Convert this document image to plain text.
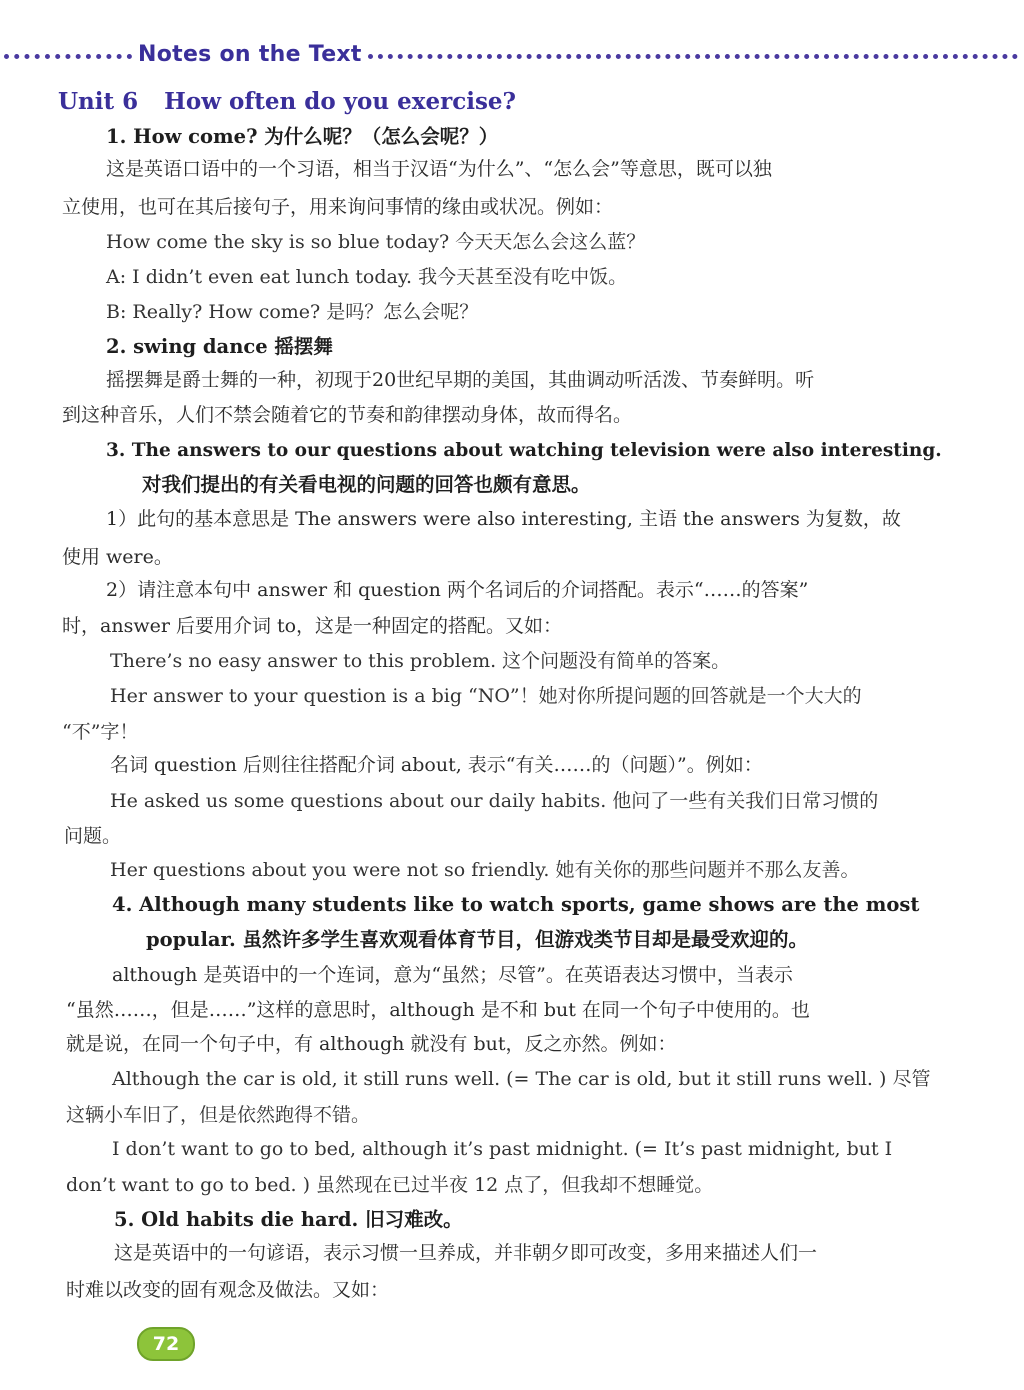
Notes on the Text
Unit 6 How often do you exercise?
1. How come? 为什么呢？（怎么会呢？）
这是英语口语中的一个习语，相当于汉语“为什么”、“怎么会”等意思，既可以独
立使用，也可在其后接句子，用来询问事情的缘由或状况。例如：
How come the sky is so blue today? 今天天怎么会这么蓝？
A: I didn’t even eat lunch today. 我今天甚至没有吃中饭。
B: Really? How come? 是吗？怎么会呢？
2. swing dance 摇摆舞
摇摆舞是爵士舞的一种，初现于20世纪早期的美国，其曲调动听活泼、节奏鲜明。听
到这种音乐，人们不禁会随着它的节奏和韵律摆动身体，故而得名。
3. The answers to our questions about watching television were also interesting.
对我们提出的有关看电视的问题的回答也颇有意思。
1）此句的基本意思是 The answers were also interesting, 主语 the answers 为复数，故
使用 were。
2）请注意本句中 answer 和 question 两个名词后的介词搭配。表示“……的答案”
时，answer 后要用介词 to，这是一种固定的搭配。又如：
There’s no easy answer to this problem. 这个问题没有简单的答案。
Her answer to your question is a big “NO”！她对你所提问题的回答就是一个大大的
“不”字！
名词 question 后则往往搭配介词 about, 表示“有关……的（问题）”。例如：
He asked us some questions about our daily habits. 他问了一些有关我们日常习惯的
问题。
Her questions about you were not so friendly. 她有关你的那些问题并不那么友善。
4. Although many students like to watch sports, game shows are the most
popular. 虽然许多学生喜欢观看体育节目，但游戏类节目却是最受欢迎的。
although 是英语中的一个连词，意为“虽然；尽管”。在英语表达习惯中，当表示
“虽然……，但是……”这样的意思时，although 是不和 but 在同一个句子中使用的。也
就是说，在同一个句子中，有 although 就没有 but，反之亦然。例如：
Although the car is old, it still runs well. (= The car is old, but it still runs well. ) 尽管
这辆小车旧了，但是依然跑得不错。
I don’t want to go to bed, although it’s past midnight. (= It’s past midnight, but I
don’t want to go to bed. ) 虽然现在已过半夜 12 点了，但我却不想睡觉。
5. Old habits die hard. 旧习难改。
这是英语中的一句谚语，表示习惯一旦养成，并非朝夕即可改变，多用来描述人们一
时难以改变的固有观念及做法。又如：
72
